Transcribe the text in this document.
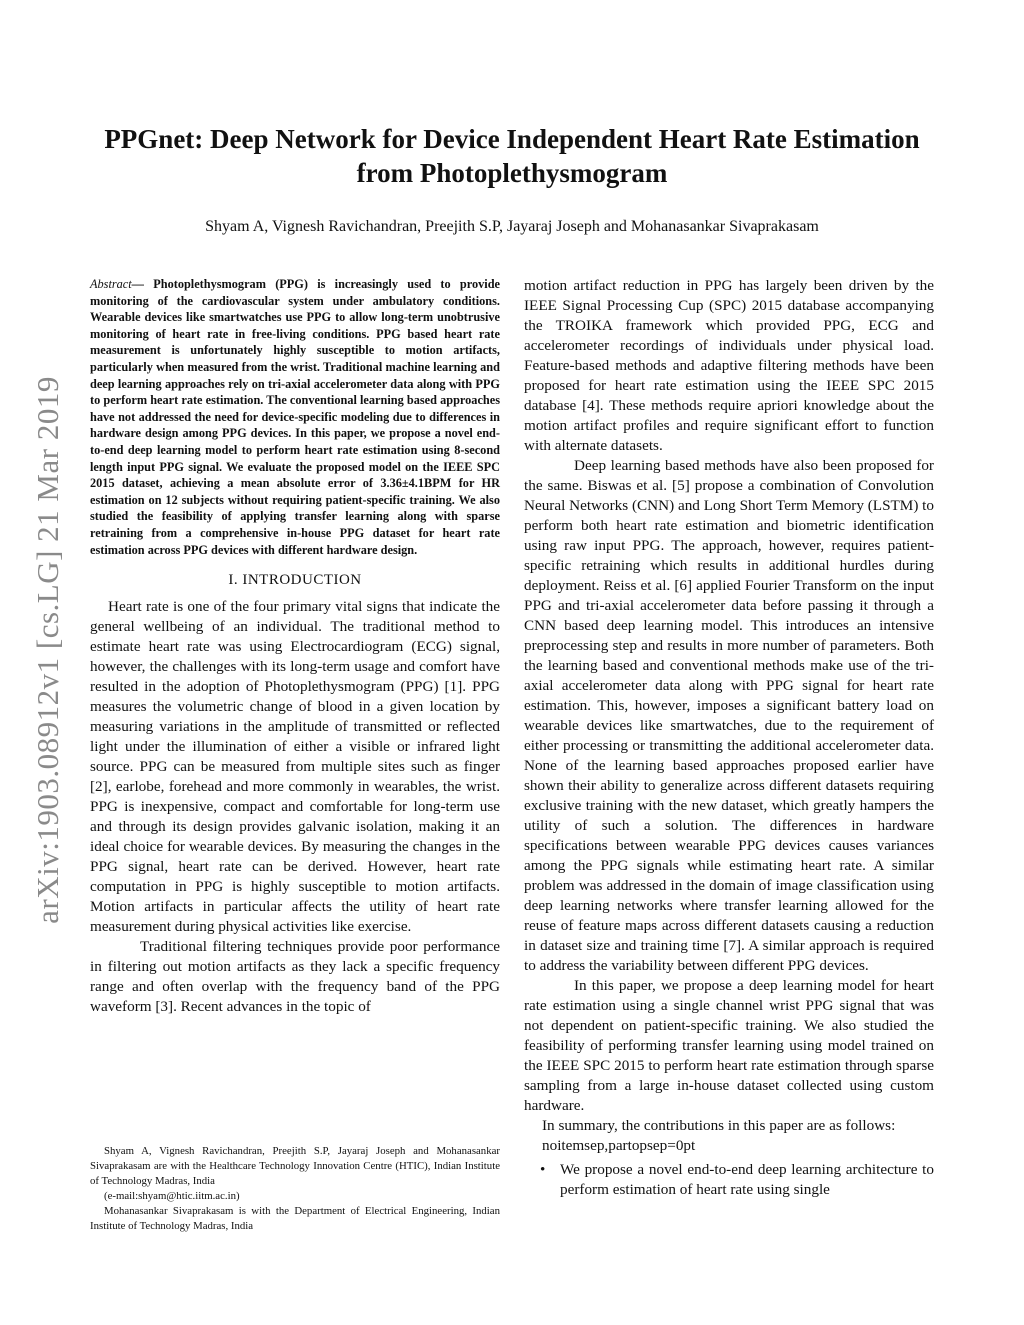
arXiv:1903.08912v1 [cs.LG] 21 Mar 2019
PPGnet: Deep Network for Device Independent Heart Rate Estimation
from Photoplethysmogram
Shyam A, Vignesh Ravichandran, Preejith S.P, Jayaraj Joseph and Mohanasankar Sivaprakasam

Abstract— Photoplethysmogram (PPG) is increasingly used to provide monitoring of the cardiovascular system under ambulatory conditions. Wearable devices like smartwatches use PPG to allow long-term unobtrusive monitoring of heart rate in free-living conditions. PPG based heart rate measurement is unfortunately highly susceptible to motion artifacts, particularly when measured from the wrist. Traditional machine learning and deep learning approaches rely on tri-axial accelerometer data along with PPG to perform heart rate estimation. The conventional learning based approaches have not addressed the need for device-specific modeling due to differences in hardware design among PPG devices. In this paper, we propose a novel end-to-end deep learning model to perform heart rate estimation using 8-second length input PPG signal. We evaluate the proposed model on the IEEE SPC 2015 dataset, achieving a mean absolute error of 3.36±4.1BPM for HR estimation on 12 subjects without requiring patient-specific training. We also studied the feasibility of applying transfer learning along with sparse retraining from a comprehensive in-house PPG dataset for heart rate estimation across PPG devices with different hardware design.

I. INTRODUCTION

Heart rate is one of the four primary vital signs that indicate the general wellbeing of an individual. The traditional method to estimate heart rate was using Electrocardiogram (ECG) signal, however, the challenges with its long-term usage and comfort have resulted in the adoption of Photoplethysmogram (PPG) [1]. PPG measures the volumetric change of blood in a given location by measuring variations in the amplitude of transmitted or reflected light under the illumination of either a visible or infrared light source. PPG can be measured from multiple sites such as finger [2], earlobe, forehead and more commonly in wearables, the wrist. PPG is inexpensive, compact and comfortable for long-term use and through its design provides galvanic isolation, making it an ideal choice for wearable devices. By measuring the changes in the PPG signal, heart rate can be derived. However, heart rate computation in PPG is highly susceptible to motion artifacts. Motion artifacts in particular affects the utility of heart rate measurement during physical activities like exercise.

Traditional filtering techniques provide poor performance in filtering out motion artifacts as they lack a specific frequency range and often overlap with the frequency band of the PPG waveform [3]. Recent advances in the topic of

Shyam A, Vignesh Ravichandran, Preejith S.P, Jayaraj Joseph and Mohanasankar Sivaprakasam are with the Healthcare Technology Innovation Centre (HTIC), Indian Institute of Technology Madras, India

(e-mail:shyam@htic.iitm.ac.in)

Mohanasankar Sivaprakasam is with the Department of Electrical Engineering, Indian Institute of Technology Madras, India

motion artifact reduction in PPG has largely been driven by the IEEE Signal Processing Cup (SPC) 2015 database accompanying the TROIKA framework which provided PPG, ECG and accelerometer recordings of individuals under physical load. Feature-based methods and adaptive filtering methods have been proposed for heart rate estimation using the IEEE SPC 2015 database [4]. These methods require apriori knowledge about the motion artifact profiles and require significant effort to function with alternate datasets.

Deep learning based methods have also been proposed for the same. Biswas et al. [5] propose a combination of Convolution Neural Networks (CNN) and Long Short Term Memory (LSTM) to perform both heart rate estimation and biometric identification using raw input PPG. The approach, however, requires patient-specific retraining which results in additional hurdles during deployment. Reiss et al. [6] applied Fourier Transform on the input PPG and tri-axial accelerometer data before passing it through a CNN based deep learning model. This introduces an intensive preprocessing step and results in more number of parameters. Both the learning based and conventional methods make use of the tri-axial accelerometer data along with PPG signal for heart rate estimation. This, however, imposes a significant battery load on wearable devices like smartwatches, due to the requirement of either processing or transmitting the additional accelerometer data. None of the learning based approaches proposed earlier have shown their ability to generalize across different datasets requiring exclusive training with the new dataset, which greatly hampers the utility of such a solution. The differences in hardware specifications between wearable PPG devices causes variances among the PPG signals while estimating heart rate. A similar problem was addressed in the domain of image classification using deep learning networks where transfer learning allowed for the reuse of feature maps across different datasets causing a reduction in dataset size and training time [7]. A similar approach is required to address the variability between different PPG devices.

In this paper, we propose a deep learning model for heart rate estimation using a single channel wrist PPG signal that was not dependent on patient-specific training. We also studied the feasibility of performing transfer learning using model trained on the IEEE SPC 2015 to perform heart rate estimation through sparse sampling from a large in-house dataset collected using custom hardware.

In summary, the contributions in this paper are as follows:

noitemsep,partopsep=0pt

• We propose a novel end-to-end deep learning architecture to perform estimation of heart rate using single
